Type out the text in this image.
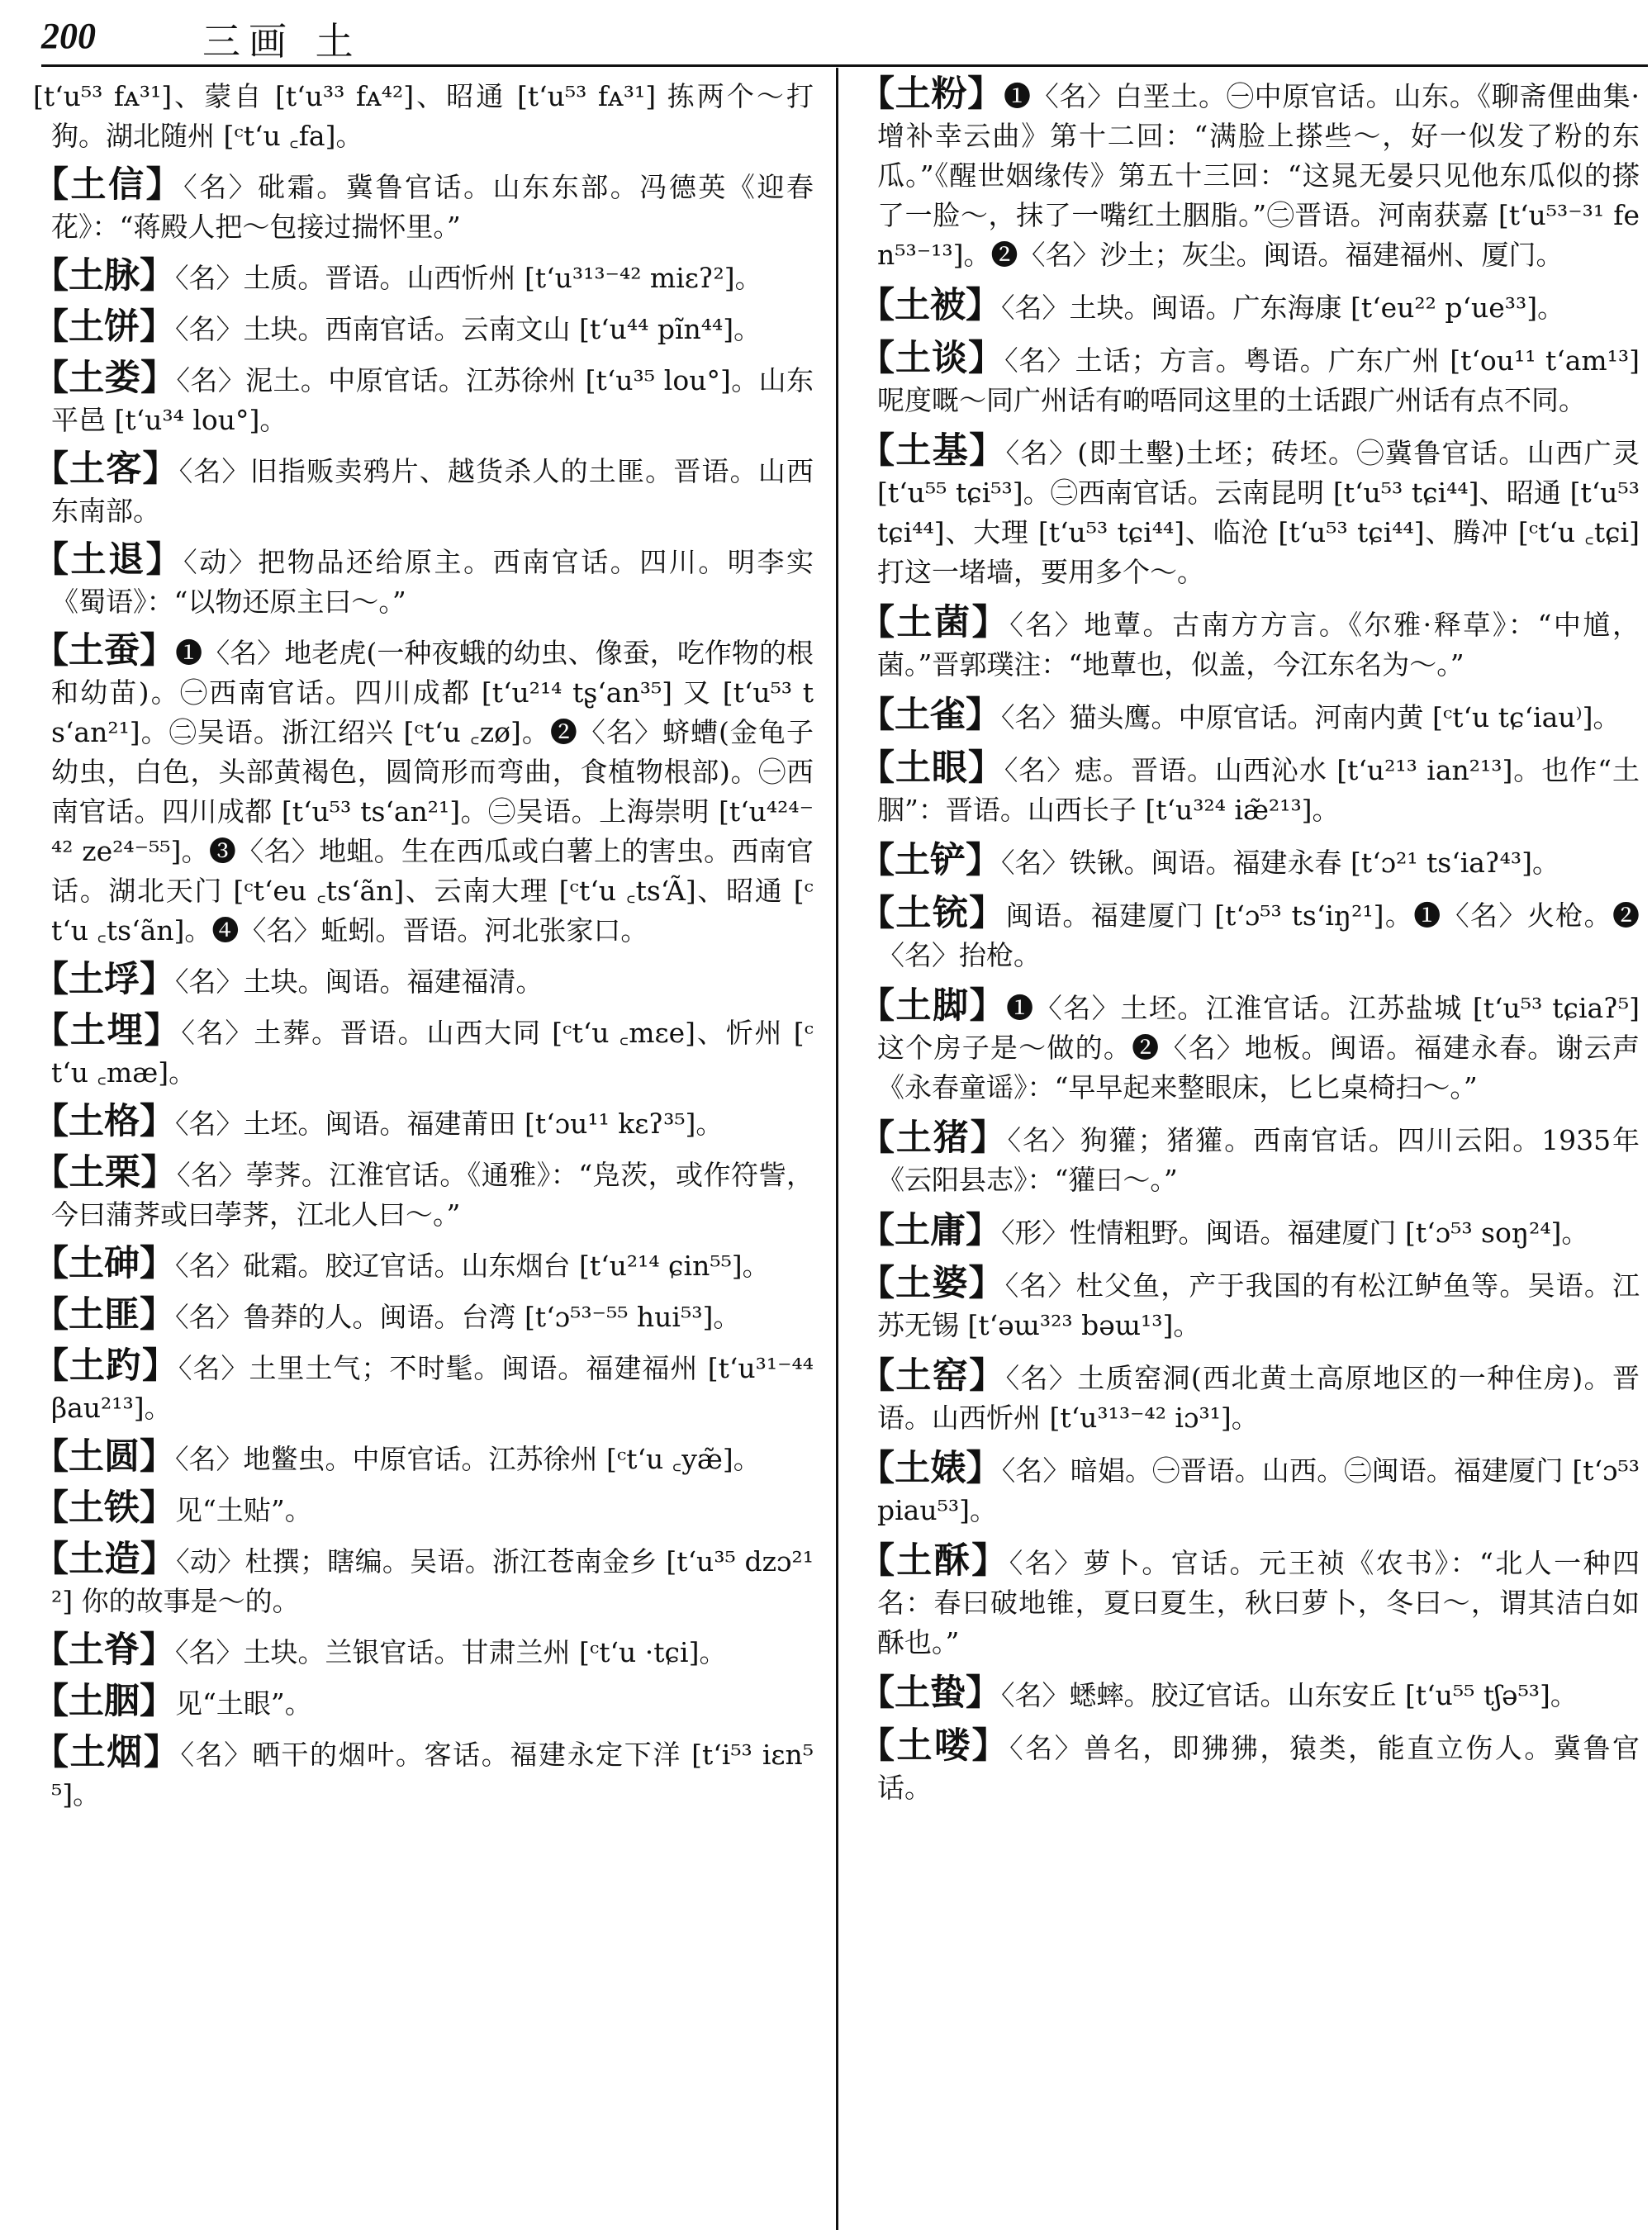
200	三画 土
[t‘u⁵³ fᴀ³¹]、蒙自 [t‘u³³ fᴀ⁴²]、昭通 [t‘u⁵³ fᴀ³¹] 拣两个～打狗。湖北随州 [ᶜt‘u ꜀fa]。
【土信】〈名〉砒霜。冀鲁官话。山东东部。冯德英《迎春花》：“蒋殿人把～包接过揣怀里。”
【土脉】〈名〉土质。晋语。山西忻州 [t‘u³¹³⁻⁴² miɛʔ²]。
【土饼】〈名〉土块。西南官话。云南文山 [t‘u⁴⁴ pĩn⁴⁴]。
【土娄】〈名〉泥土。中原官话。江苏徐州 [t‘u³⁵ lou°]。山东平邑 [t‘u³⁴ lou°]。
【土客】〈名〉旧指贩卖鸦片、越货杀人的土匪。晋语。山西东南部。
【土退】〈动〉把物品还给原主。西南官话。四川。明李实《蜀语》：“以物还原主曰～。”
【土蚕】❶〈名〉地老虎(一种夜蛾的幼虫、像蚕，吃作物的根和幼苗)。㊀西南官话。四川成都 [t‘u²¹⁴ tʂ‘an³⁵] 又 [t‘u⁵³ ts‘an²¹]。㊁吴语。浙江绍兴 [ᶜt‘u ꜀zø]。❷〈名〉蛴螬(金龟子幼虫，白色，头部黄褐色，圆筒形而弯曲，食植物根部)。㊀西南官话。四川成都 [t‘u⁵³ ts‘an²¹]。㊁吴语。上海崇明 [t‘u⁴²⁴⁻⁴² ze²⁴⁻⁵⁵]。❸〈名〉地蛆。生在西瓜或白薯上的害虫。西南官话。湖北天门 [ᶜt‘eu ꜀ts‘ãn]、云南大理 [ᶜt‘u ꜀ts‘Ã]、昭通 [ᶜt‘u ꜀ts‘ãn]。❹〈名〉蚯蚓。晋语。河北张家口。
【土垺】〈名〉土块。闽语。福建福清。
【土埋】〈名〉土葬。晋语。山西大同 [ᶜt‘u ꜀mɛe]、忻州 [ᶜt‘u ꜀mæ]。
【土格】〈名〉土坯。闽语。福建莆田 [t‘ɔu¹¹ kɛʔ³⁵]。
【土栗】〈名〉荸荠。江淮官话。《通雅》：“凫茨，或作符訾，今曰蒲荠或曰荸荠，江北人曰～。”
【土砷】〈名〉砒霜。胶辽官话。山东烟台 [t‘u²¹⁴ ɕin⁵⁵]。
【土匪】〈名〉鲁莽的人。闽语。台湾 [t‘ɔ⁵³⁻⁵⁵ hui⁵³]。
【土趵】〈名〉土里土气；不时髦。闽语。福建福州 [t‘u³¹⁻⁴⁴ βau²¹³]。
【土圆】〈名〉地鳖虫。中原官话。江苏徐州 [ᶜt‘u ꜀yæ̃]。
【土铁】见“土贴”。
【土造】〈动〉杜撰；瞎编。吴语。浙江苍南金乡 [t‘u³⁵ dzɔ²¹²] 你的故事是～的。
【土脊】〈名〉土块。兰银官话。甘肃兰州 [ᶜt‘u ·tɕi]。
【土胭】见“土眼”。
【土烟】〈名〉晒干的烟叶。客话。福建永定下洋 [t‘i⁵³ iɛn⁵⁵]。
【土粉】❶〈名〉白垩土。㊀中原官话。山东。《聊斋俚曲集·增补幸云曲》第十二回：“满脸上搽些～，好一似发了粉的东瓜。”《醒世姻缘传》第五十三回：“这晁无晏只见他东瓜似的搽了一脸～，抹了一嘴红土胭脂。”㊁晋语。河南获嘉 [t‘u⁵³⁻³¹ fen⁵³⁻¹³]。❷〈名〉沙土；灰尘。闽语。福建福州、厦门。
【土被】〈名〉土块。闽语。广东海康 [t‘eu²² p‘ue³³]。
【土谈】〈名〉土话；方言。粤语。广东广州 [t‘ou¹¹ t‘am¹³] 呢度嘅～同广州话有啲唔同这里的土话跟广州话有点不同。
【土基】〈名〉(即土墼)土坯；砖坯。㊀冀鲁官话。山西广灵 [t‘u⁵⁵ tɕi⁵³]。㊁西南官话。云南昆明 [t‘u⁵³ tɕi⁴⁴]、昭通 [t‘u⁵³ tɕi⁴⁴]、大理 [t‘u⁵³ tɕi⁴⁴]、临沧 [t‘u⁵³ tɕi⁴⁴]、腾冲 [ᶜt‘u ꜀tɕi] 打这一堵墙，要用多个～。
【土菌】〈名〉地蕈。古南方方言。《尔雅·释草》：“中馗，菌。”晋郭璞注：“地蕈也，似盖，今江东名为～。”
【土雀】〈名〉猫头鹰。中原官话。河南内黄 [ᶜt‘u tɕ‘iau⁾]。
【土眼】〈名〉痣。晋语。山西沁水 [t‘u²¹³ ian²¹³]。也作“土胭”：晋语。山西长子 [t‘u³²⁴ iæ̃²¹³]。
【土铲】〈名〉铁锹。闽语。福建永春 [t‘ɔ²¹ ts‘iaʔ⁴³]。
【土铳】闽语。福建厦门 [t‘ɔ⁵³ ts‘iŋ²¹]。❶〈名〉火枪。❷〈名〉抬枪。
【土脚】❶〈名〉土坯。江淮官话。江苏盐城 [t‘u⁵³ tɕiaʔ⁵] 这个房子是～做的。❷〈名〉地板。闽语。福建永春。谢云声《永春童谣》：“早早起来整眼床，匕匕桌椅扫～。”
【土猪】〈名〉狗獾；猪獾。西南官话。四川云阳。1935年《云阳县志》：“獾曰～。”
【土庸】〈形〉性情粗野。闽语。福建厦门 [t‘ɔ⁵³ soŋ²⁴]。
【土婆】〈名〉杜父鱼，产于我国的有松江鲈鱼等。吴语。江苏无锡 [t‘əɯ³²³ bəɯ¹³]。
【土窑】〈名〉土质窑洞(西北黄土高原地区的一种住房)。晋语。山西忻州 [t‘u³¹³⁻⁴² iɔ³¹]。
【土婊】〈名〉暗娼。㊀晋语。山西。㊁闽语。福建厦门 [t‘ɔ⁵³ piau⁵³]。
【土酥】〈名〉萝卜。官话。元王祯《农书》：“北人一种四名：春曰破地锥，夏曰夏生，秋曰萝卜，冬曰～，谓其洁白如酥也。”
【土蛰】〈名〉蟋蟀。胶辽官话。山东安丘 [t‘u⁵⁵ tʃə⁵³]。
【土喽】〈名〉兽名，即狒狒，猿类，能直立伤人。冀鲁官话。
